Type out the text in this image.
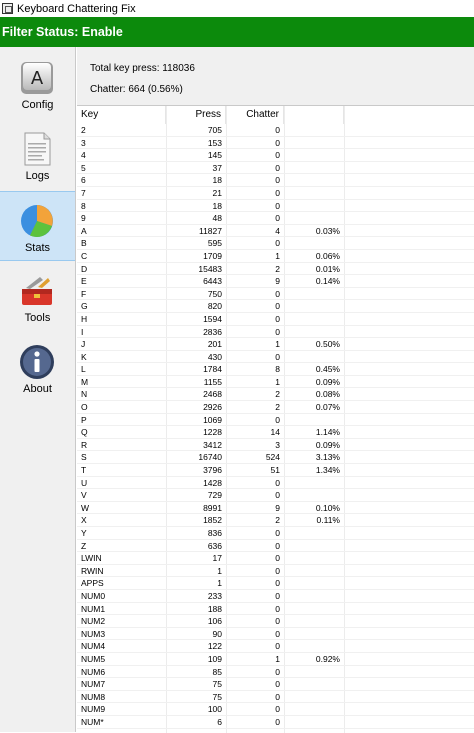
Keyboard Chattering Fix
Filter Status: Enable
A
Config
Logs
Stats
Tools
About
Total key press: 118036
Chatter: 664 (0.56%)
Key	Press	Chatter
2	705	0
3	153	0
4	145	0
5	37	0
6	18	0
7	21	0
8	18	0
9	48	0
A	11827	4	0.03%
B	595	0
C	1709	1	0.06%
D	15483	2	0.01%
E	6443	9	0.14%
F	750	0
G	820	0
H	1594	0
I	2836	0
J	201	1	0.50%
K	430	0
L	1784	8	0.45%
M	1155	1	0.09%
N	2468	2	0.08%
O	2926	2	0.07%
P	1069	0
Q	1228	14	1.14%
R	3412	3	0.09%
S	16740	524	3.13%
T	3796	51	1.34%
U	1428	0
V	729	0
W	8991	9	0.10%
X	1852	2	0.11%
Y	836	0
Z	636	0
LWIN	17	0
RWIN	1	0
APPS	1	0
NUM0	233	0
NUM1	188	0
NUM2	106	0
NUM3	90	0
NUM4	122	0
NUM5	109	1	0.92%
NUM6	85	0
NUM7	75	0
NUM8	75	0
NUM9	100	0
NUM*	6	0
